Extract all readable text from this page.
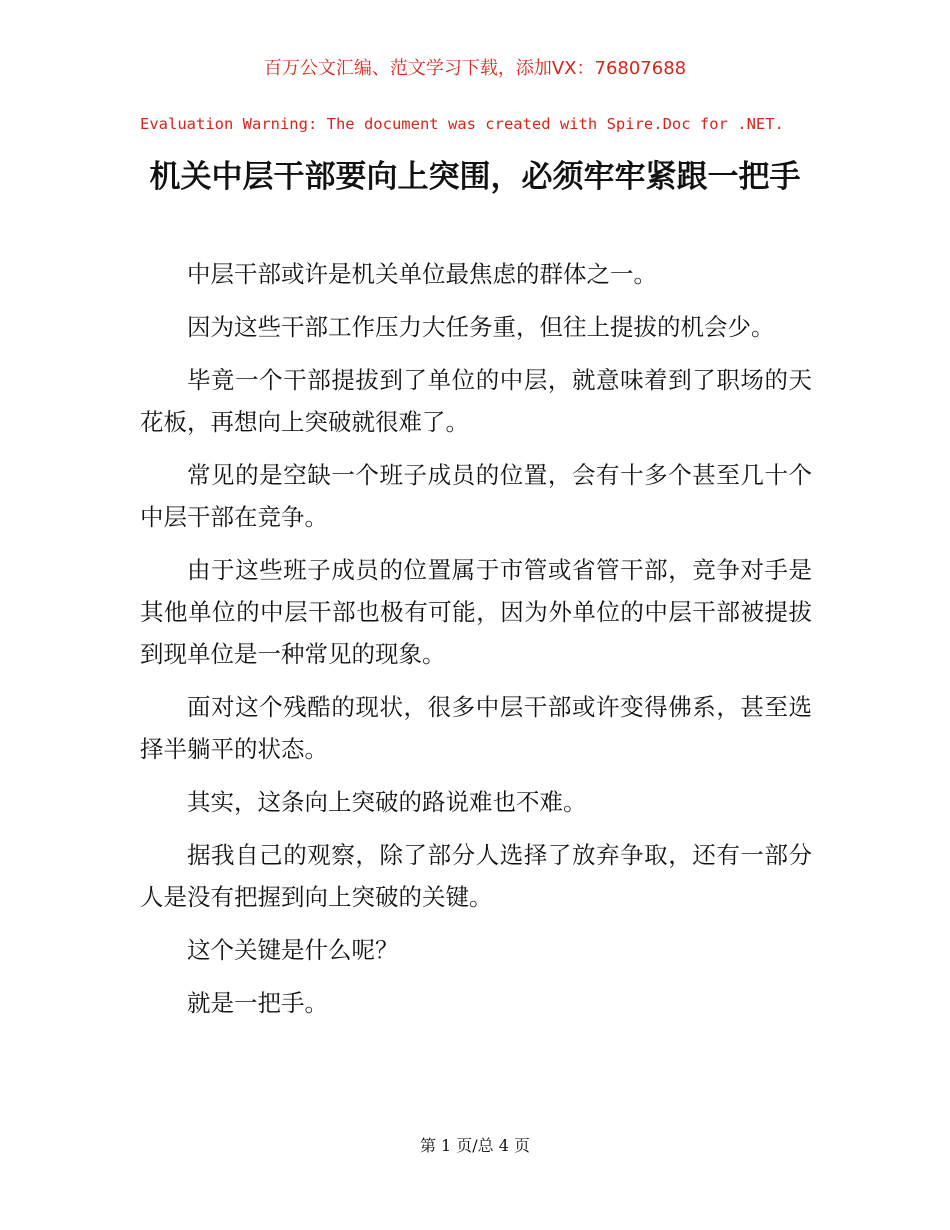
百万公文汇编、范文学习下载，添加VX：76807688
Evaluation Warning: The document was created with Spire.Doc for .NET.
机关中层干部要向上突围，必须牢牢紧跟一把手

中层干部或许是机关单位最焦虑的群体之一。

因为这些干部工作压力大任务重，但往上提拔的机会少。

毕竟一个干部提拔到了单位的中层，就意味着到了职场的天花板，再想向上突破就很难了。

常见的是空缺一个班子成员的位置，会有十多个甚至几十个中层干部在竞争。

由于这些班子成员的位置属于市管或省管干部，竞争对手是其他单位的中层干部也极有可能，因为外单位的中层干部被提拔到现单位是一种常见的现象。

面对这个残酷的现状，很多中层干部或许变得佛系，甚至选择半躺平的状态。

其实，这条向上突破的路说难也不难。

据我自己的观察，除了部分人选择了放弃争取，还有一部分人是没有把握到向上突破的关键。

这个关键是什么呢？

就是一把手。

第 1 页/总 4 页
